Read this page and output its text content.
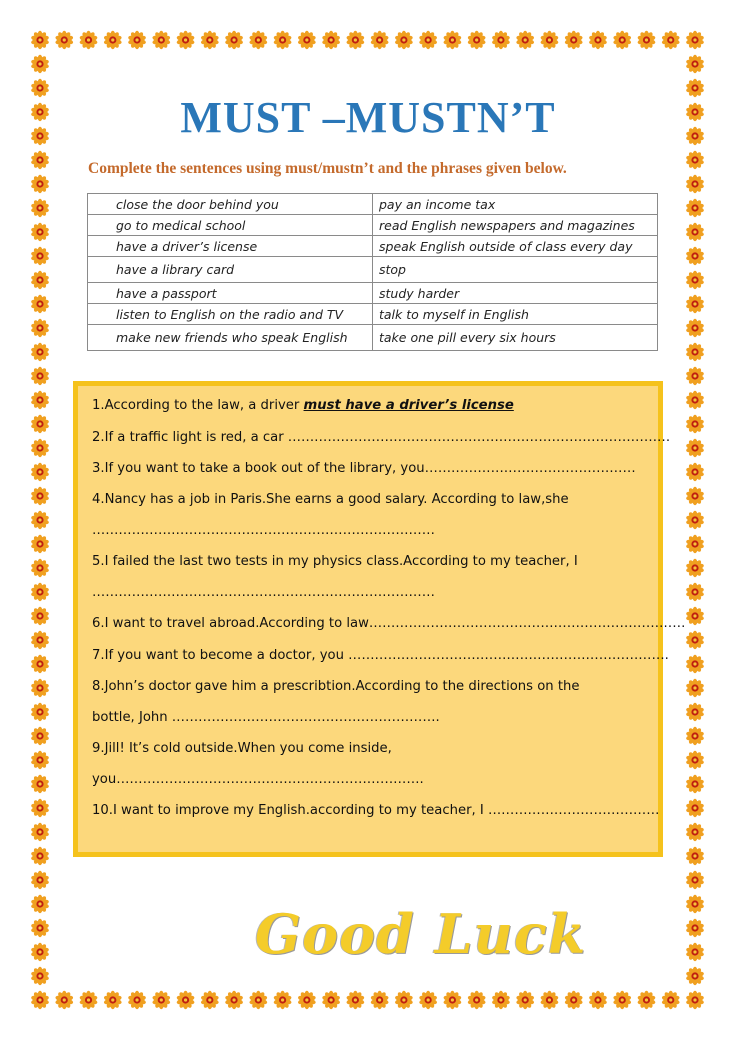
MUST –MUSTN’T
Complete the sentences using must/mustn’t and the phrases given below.
close the door behind you	pay an income tax
go to medical school	read English newspapers and magazines
have a driver’s license	speak English outside of class every day
have a library card	stop
have a passport	study harder
listen to English on the radio and TV	talk to myself in English
make new friends who speak English	take one pill every six hours
1.According to the law, a driver must have a driver’s license
2.If a traffic light is red, a car ……………………………………………………………………………
3.If you want to take a book out of the library, you…………………………………………
4.Nancy has a job in Paris.She earns a good salary. According to law,she
……………………………………………………………………
5.I failed the last two tests in my physics class.According to my teacher, I
……………………………………………………………………
6.I want to travel abroad.According to law………………………………………………………………
7.If you want to become a doctor, you ……………………………………………………………….
8.John’s doctor gave him a prescribtion.According to the directions on the
bottle, John …………………………………………………….
9.Jill! It’s cold outside.When you come inside,
you…………………………………………………………….
10.I want to improve my English.according to my teacher, I …………………………………
Good Luck
